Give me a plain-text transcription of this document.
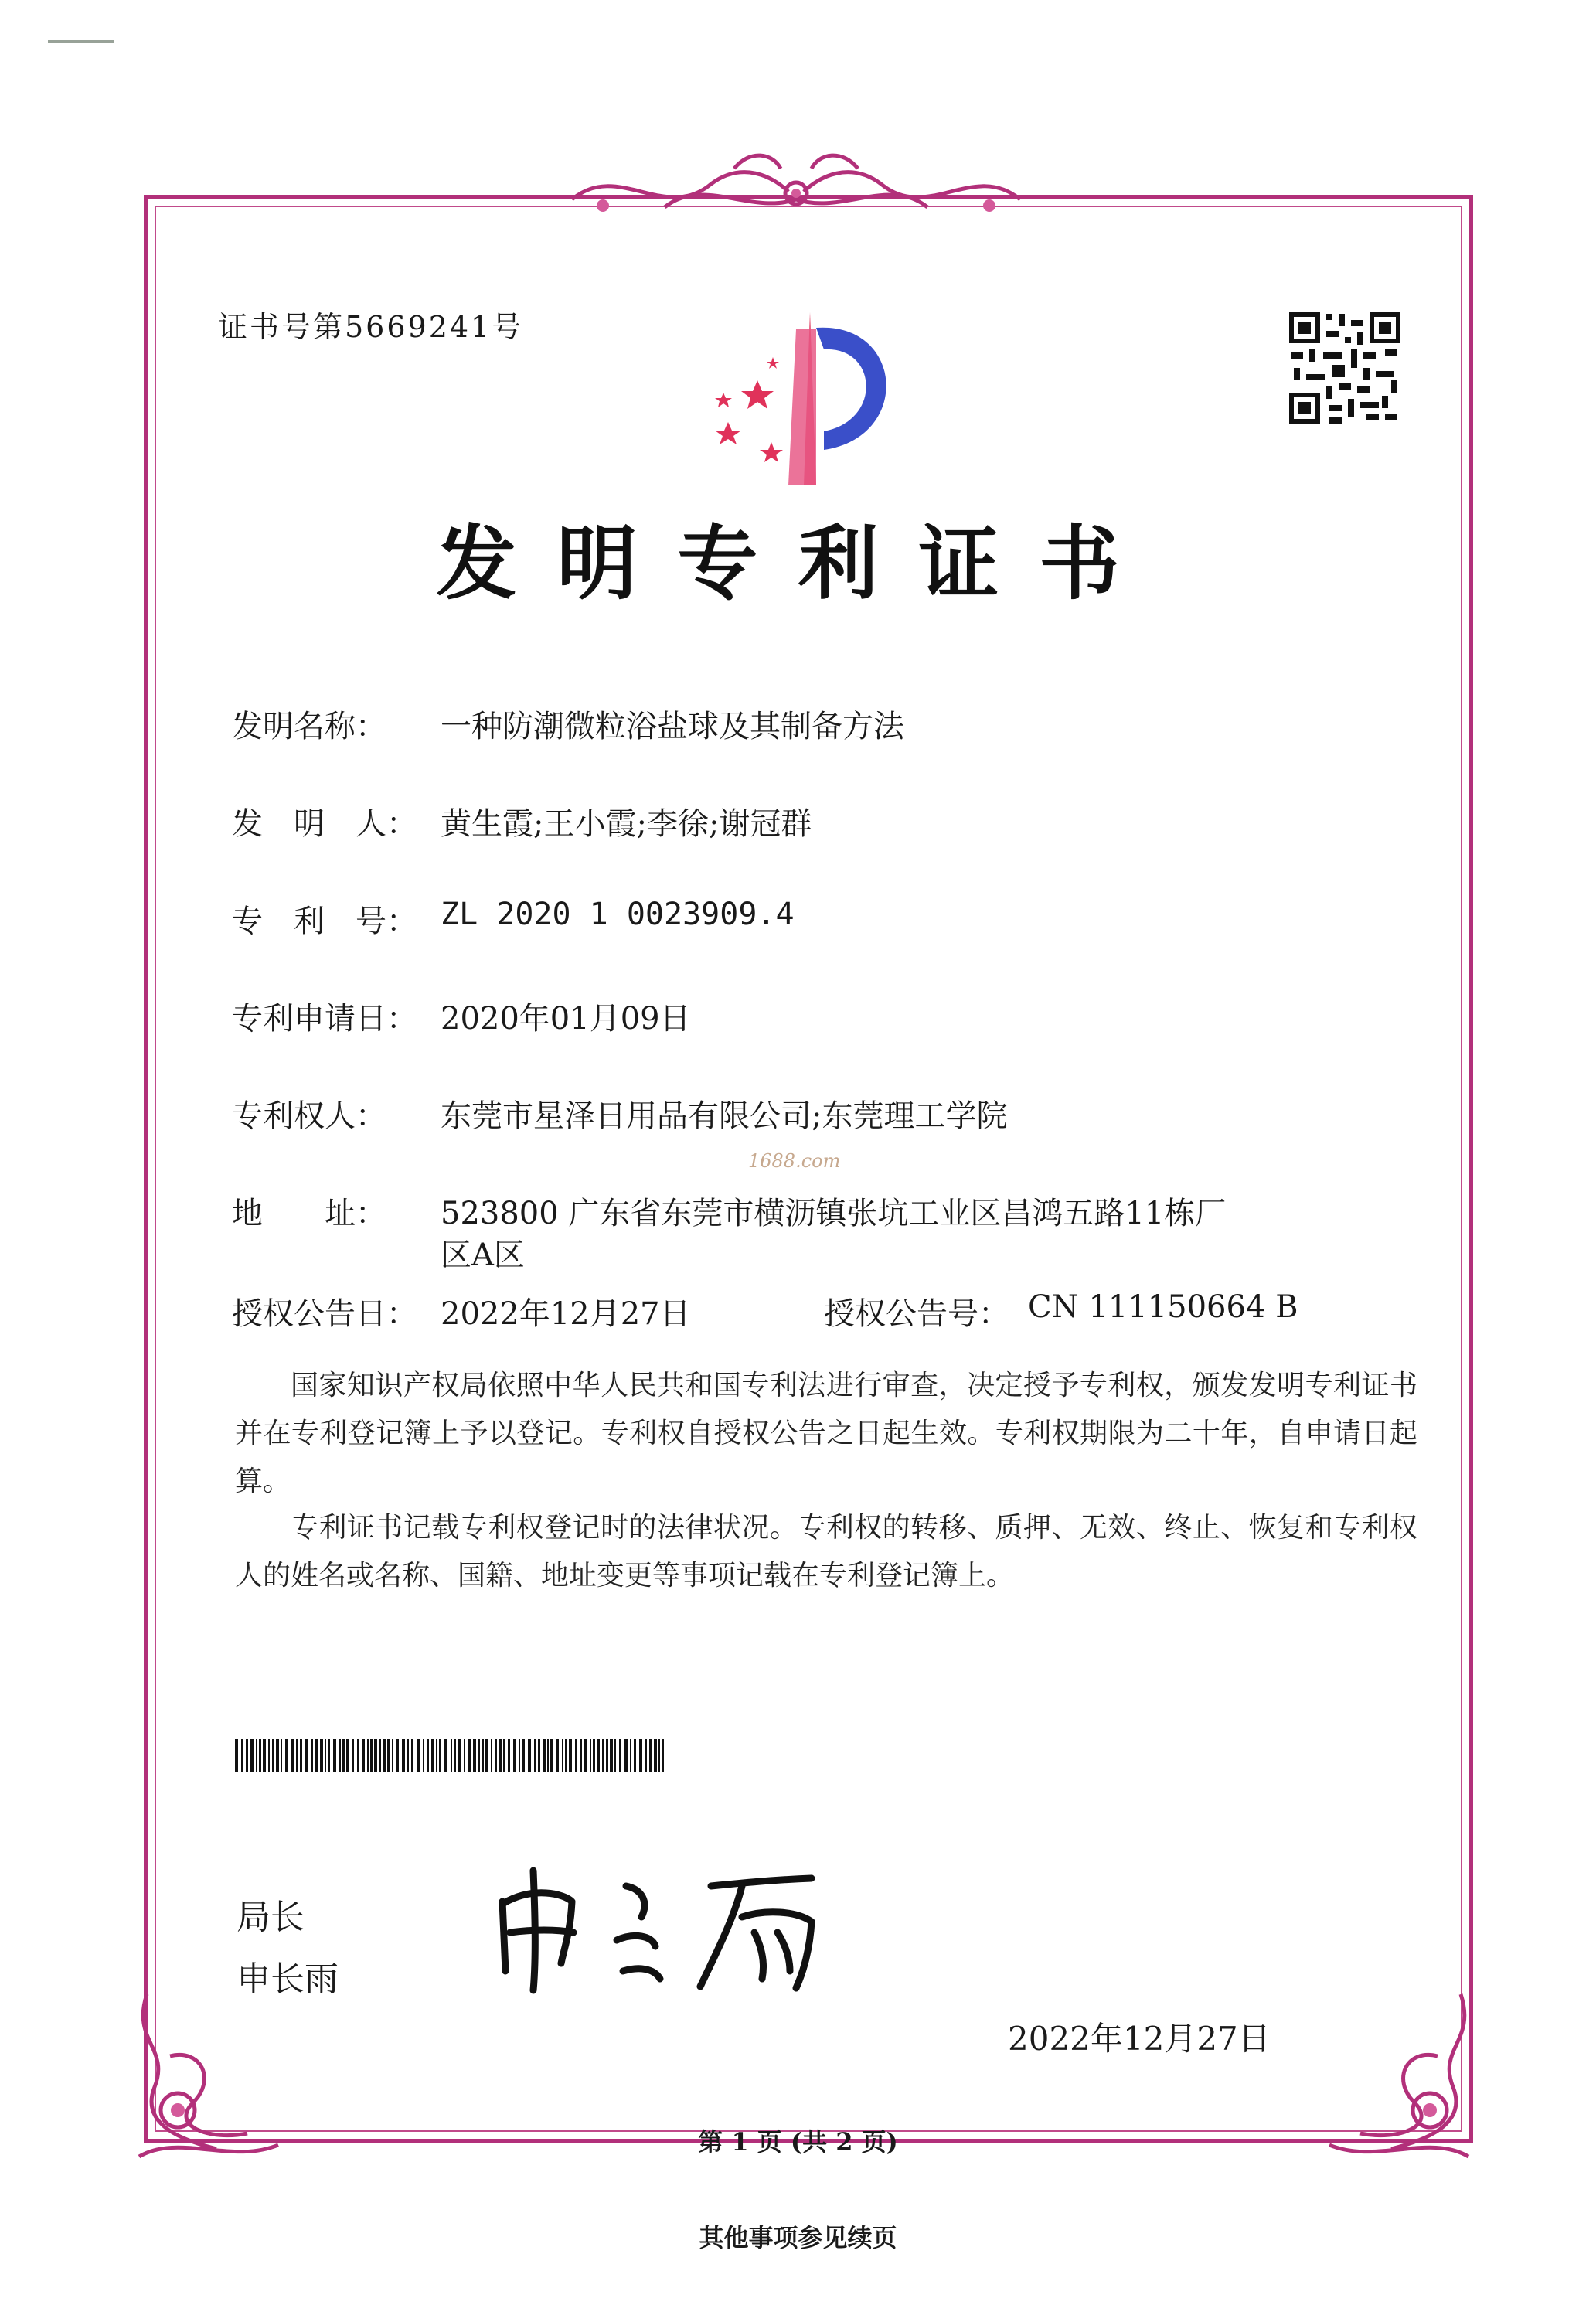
证书号第5669241号
发明专利证书
发明名称： 一种防潮微粒浴盐球及其制备方法
发　明　人： 黄生霞;王小霞;李徐;谢冠群
专　利　号： ZL 2020 1 0023909.4
专利申请日： 2020年01月09日
专利权人： 东莞市星泽日用品有限公司;东莞理工学院
1688.com
地　　址： 523800 广东省东莞市横沥镇张坑工业区昌鸿五路11栋厂
区A区
授权公告日： 2022年12月27日	授权公告号： CN 111150664 B
国家知识产权局依照中华人民共和国专利法进行审查，决定授予专利权，颁发发明专利证书并在专利登记簿上予以登记。专利权自授权公告之日起生效。专利权期限为二十年，自申请日起算。
专利证书记载专利权登记时的法律状况。专利权的转移、质押、无效、终止、恢复和专利权人的姓名或名称、国籍、地址变更等事项记载在专利登记簿上。
局长
申长雨
2022年12月27日
第 1 页 (共 2 页)
其他事项参见续页
